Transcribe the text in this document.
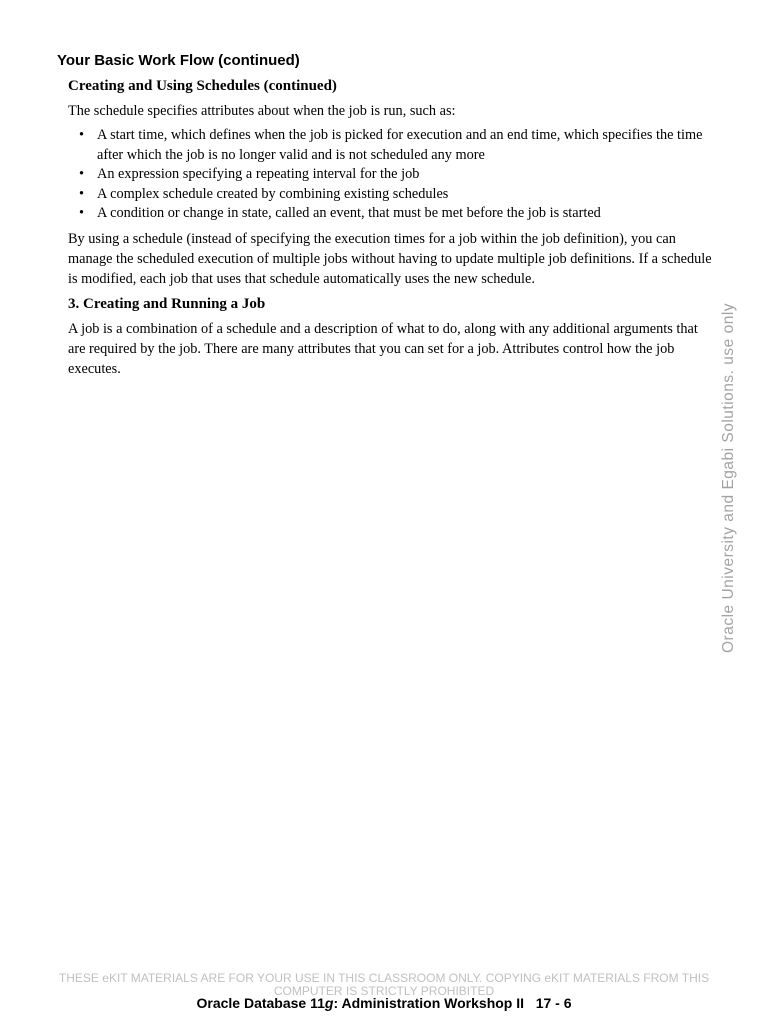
Your Basic Work Flow (continued)
Creating and Using Schedules (continued)

The schedule specifies attributes about when the job is run, such as:

• A start time, which defines when the job is picked for execution and an end time, which specifies the time after which the job is no longer valid and is not scheduled any more
• An expression specifying a repeating interval for the job
• A complex schedule created by combining existing schedules
• A condition or change in state, called an event, that must be met before the job is started

By using a schedule (instead of specifying the execution times for a job within the job definition), you can manage the scheduled execution of multiple jobs without having to update multiple job definitions. If a schedule is modified, each job that uses that schedule automatically uses the new schedule.

3. Creating and Running a Job

A job is a combination of a schedule and a description of what to do, along with any additional arguments that are required by the job. There are many attributes that you can set for a job. Attributes control how the job executes.	Oracle University and Egabi Solutions. use only
THESE eKIT MATERIALS ARE FOR YOUR USE IN THIS CLASSROOM ONLY. COPYING eKIT MATERIALS FROM THIS
COMPUTER IS STRICTLY PROHIBITED
Oracle Database 11g: Administration Workshop II 17 - 6
